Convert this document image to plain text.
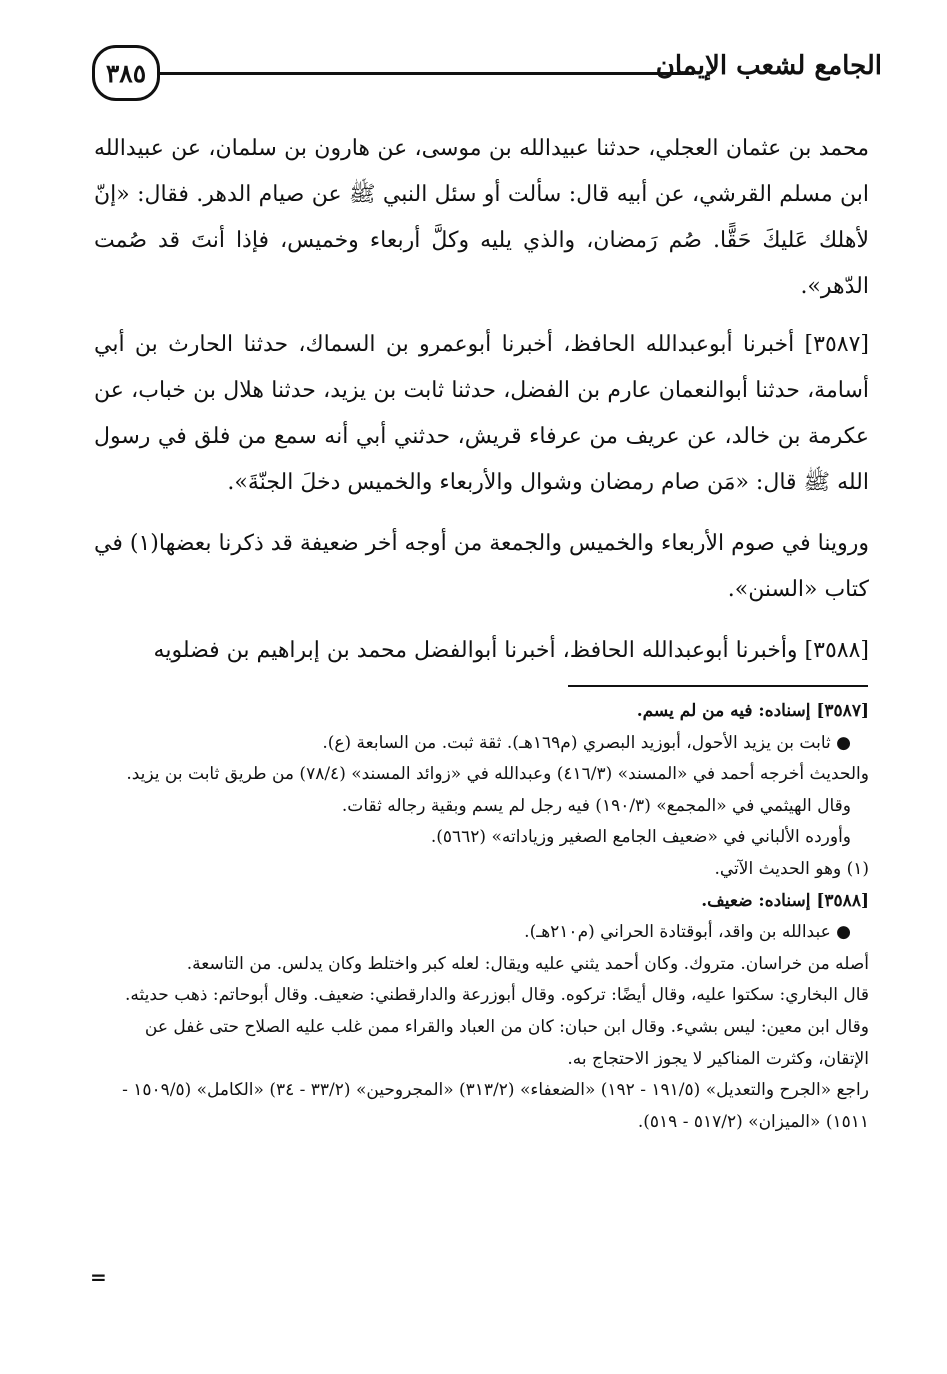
٣٨٥	الجامع لشعب الإيمان

محمد بن عثمان العجلي، حدثنا عبيدالله بن موسى، عن هارون بن سلمان، عن عبيدالله ابن مسلم القرشي، عن أبيه قال: سألت أو سئل النبي ﷺ عن صيام الدهر. فقال: «إنّ لأهلك عَليكَ حَقًّا. صُم رَمضان، والذي يليه وكلَّ أربعاء وخميس، فإذا أنتَ قد صُمت الدّهر».

[٣٥٨٧] أخبرنا أبوعبدالله الحافظ، أخبرنا أبوعمرو بن السماك، حدثنا الحارث بن أبي أسامة، حدثنا أبوالنعمان عارم بن الفضل، حدثنا ثابت بن يزيد، حدثنا هلال بن خباب، عن عكرمة بن خالد، عن عريف من عرفاء قريش، حدثني أبي أنه سمع من فلق في رسول الله ﷺ قال: «مَن صام رمضان وشوال والأربعاء والخميس دخلَ الجنّةَ».

وروينا في صوم الأربعاء والخميس والجمعة من أوجه أخر ضعيفة قد ذكرنا بعضها(١) في كتاب «السنن».

[٣٥٨٨] وأخبرنا أبوعبدالله الحافظ، أخبرنا أبوالفضل محمد بن إبراهيم بن فضلويه

[٣٥٨٧] إسناده: فيه من لم يسم.

● ثابت بن يزيد الأحول، أبوزيد البصري (م١٦٩هـ). ثقة ثبت. من السابعة (ع).

والحديث أخرجه أحمد في «المسند» (٤١٦/٣) وعبدالله في «زوائد المسند» (٧٨/٤) من طريق ثابت بن يزيد.

وقال الهيثمي في «المجمع» (١٩٠/٣) فيه رجل لم يسم وبقية رجاله ثقات.

وأورده الألباني في «ضعيف الجامع الصغير وزياداته» (٥٦٦٢).

(١) وهو الحديث الآتي.

[٣٥٨٨] إسناده: ضعيف.

● عبدالله بن واقد، أبوقتادة الحراني (م٢١٠هـ).

أصله من خراسان. متروك. وكان أحمد يثني عليه ويقال: لعله كبر واختلط وكان يدلس. من التاسعة.

قال البخاري: سكتوا عليه، وقال أيضًا: تركوه. وقال أبوزرعة والدارقطني: ضعيف. وقال أبوحاتم: ذهب حديثه. وقال ابن معين: ليس بشيء. وقال ابن حبان: كان من العباد والقراء ممن غلب عليه الصلاح حتى غفل عن الإتقان، وكثرت المناكير لا يجوز الاحتجاج به.

راجع «الجرح والتعديل» (١٩١/٥ - ١٩٢) «الضعفاء» (٣١٣/٢) «المجروحين» (٣٣/٢ - ٣٤) «الكامل» (١٥٠٩/٥ - ١٥١١) «الميزان» (٥١٧/٢ - ٥١٩).

=
